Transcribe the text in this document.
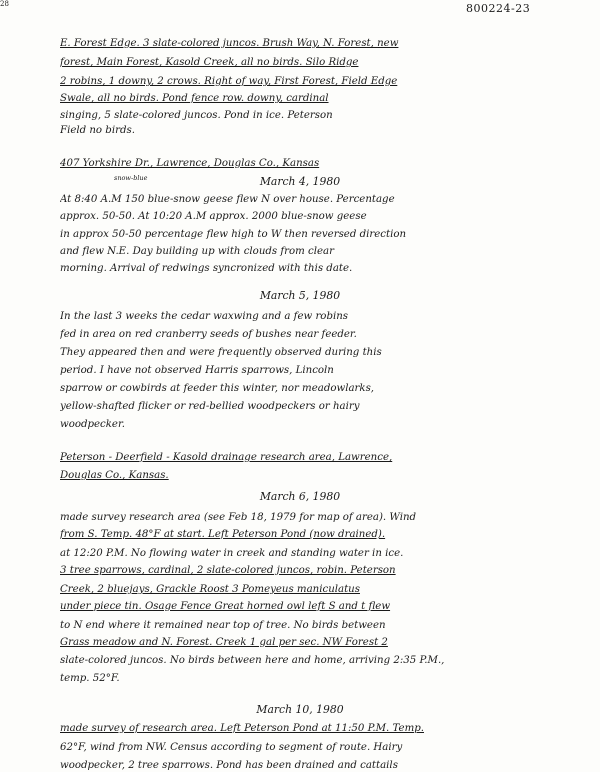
28	800224-23
snow-blue
E. Forest Edge. 3 slate-colored juncos. Brush Way, N. Forest, new
forest, Main Forest, Kasold Creek, all no birds. Silo Ridge
2 robins, 1 downy, 2 crows. Right of way, First Forest, Field Edge
Swale, all no birds. Pond fence row. downy, cardinal
singing, 5 slate-colored juncos. Pond in ice. Peterson
Field no birds.
407 Yorkshire Dr., Lawrence, Douglas Co., Kansas
March 4, 1980
At 8:40 A.M 150 blue-snow geese flew N over house. Percentage
approx. 50-50. At 10:20 A.M approx. 2000 blue-snow geese
in approx 50-50 percentage flew high to W then reversed direction
and flew N.E. Day building up with clouds from clear
morning. Arrival of redwings syncronized with this date.
March 5, 1980
In the last 3 weeks the cedar waxwing and a few robins
fed in area on red cranberry seeds of bushes near feeder.
They appeared then and were frequently observed during this
period. I have not observed Harris sparrows, Lincoln
sparrow or cowbirds at feeder this winter, nor meadowlarks,
yellow-shafted flicker or red-bellied woodpeckers or hairy
woodpecker.
Peterson - Deerfield - Kasold drainage research area, Lawrence,
Douglas Co., Kansas.
March 6, 1980
made survey research area (see Feb 18, 1979 for map of area). Wind
from S. Temp. 48°F at start. Left Peterson Pond (now drained).
at 12:20 P.M. No flowing water in creek and standing water in ice.
3 tree sparrows, cardinal, 2 slate-colored juncos, robin. Peterson
Creek, 2 bluejays, Grackle Roost 3 Pomeyeus maniculatus
under piece tin. Osage Fence Great horned owl left S and t flew
to N end where it remained near top of tree. No birds between
Grass meadow and N. Forest. Creek 1 gal per sec. NW Forest 2
slate-colored juncos. No birds between here and home, arriving 2:35 P.M.,
temp. 52°F.
March 10, 1980
made survey of research area. Left Peterson Pond at 11:50 P.M. Temp.
62°F, wind from NW. Census according to segment of route. Hairy
woodpecker, 2 tree sparrows. Pond has been drained and cattails
